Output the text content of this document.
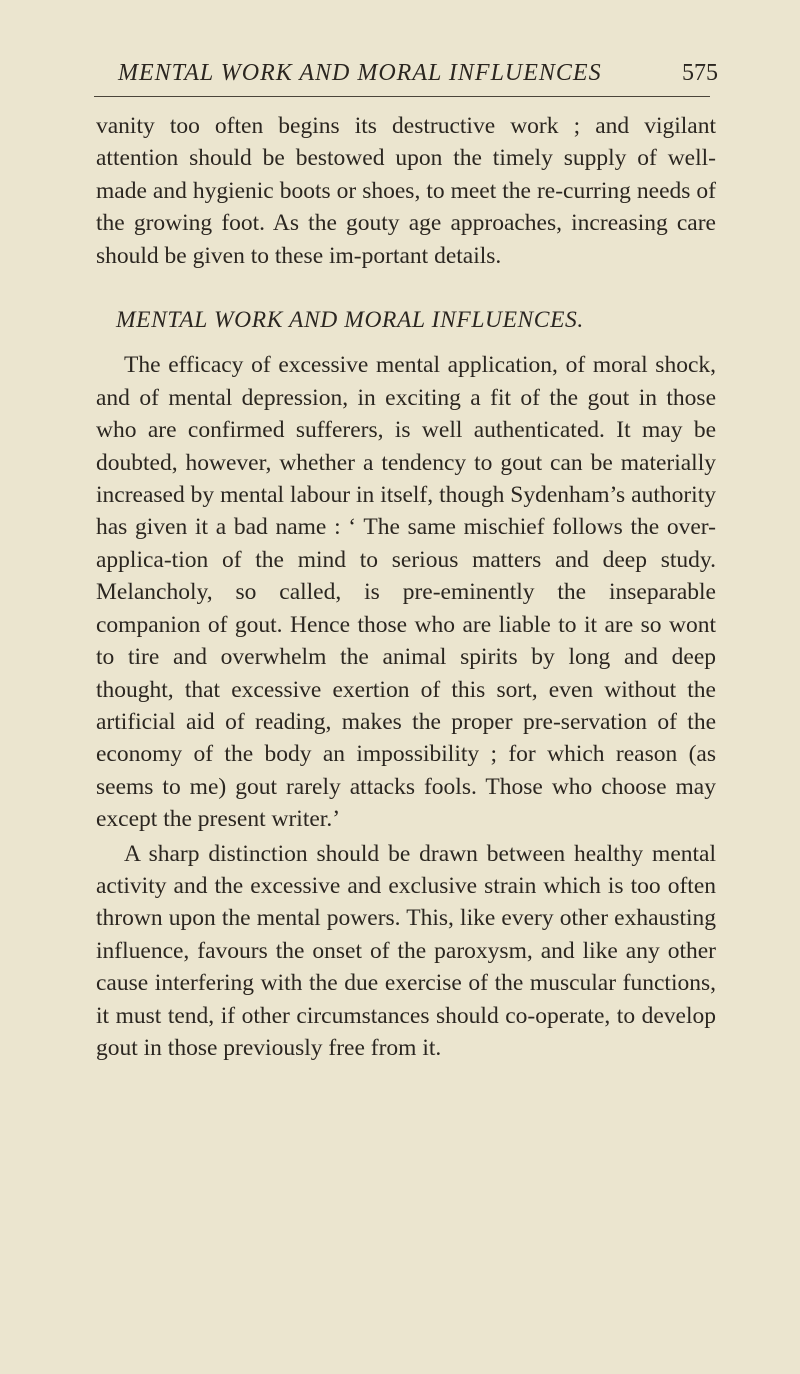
MENTAL WORK AND MORAL INFLUENCES	575

vanity too often begins its destructive work ; and vigilant attention should be bestowed upon the timely supply of well-made and hygienic boots or shoes, to meet the re-curring needs of the growing foot. As the gouty age approaches, increasing care should be given to these im-portant details.

MENTAL WORK AND MORAL INFLUENCES.

The efficacy of excessive mental application, of moral shock, and of mental depression, in exciting a fit of the gout in those who are confirmed sufferers, is well authenticated. It may be doubted, however, whether a tendency to gout can be materially increased by mental labour in itself, though Sydenham’s authority has given it a bad name : ‘ The same mischief follows the over-applica-tion of the mind to serious matters and deep study. Melancholy, so called, is pre-eminently the inseparable companion of gout. Hence those who are liable to it are so wont to tire and overwhelm the animal spirits by long and deep thought, that excessive exertion of this sort, even without the artificial aid of reading, makes the proper pre-servation of the economy of the body an impossibility ; for which reason (as seems to me) gout rarely attacks fools. Those who choose may except the present writer.’

A sharp distinction should be drawn between healthy mental activity and the excessive and exclusive strain which is too often thrown upon the mental powers. This, like every other exhausting influence, favours the onset of the paroxysm, and like any other cause interfering with the due exercise of the muscular functions, it must tend, if other circumstances should co-operate, to develop gout in those previously free from it.
